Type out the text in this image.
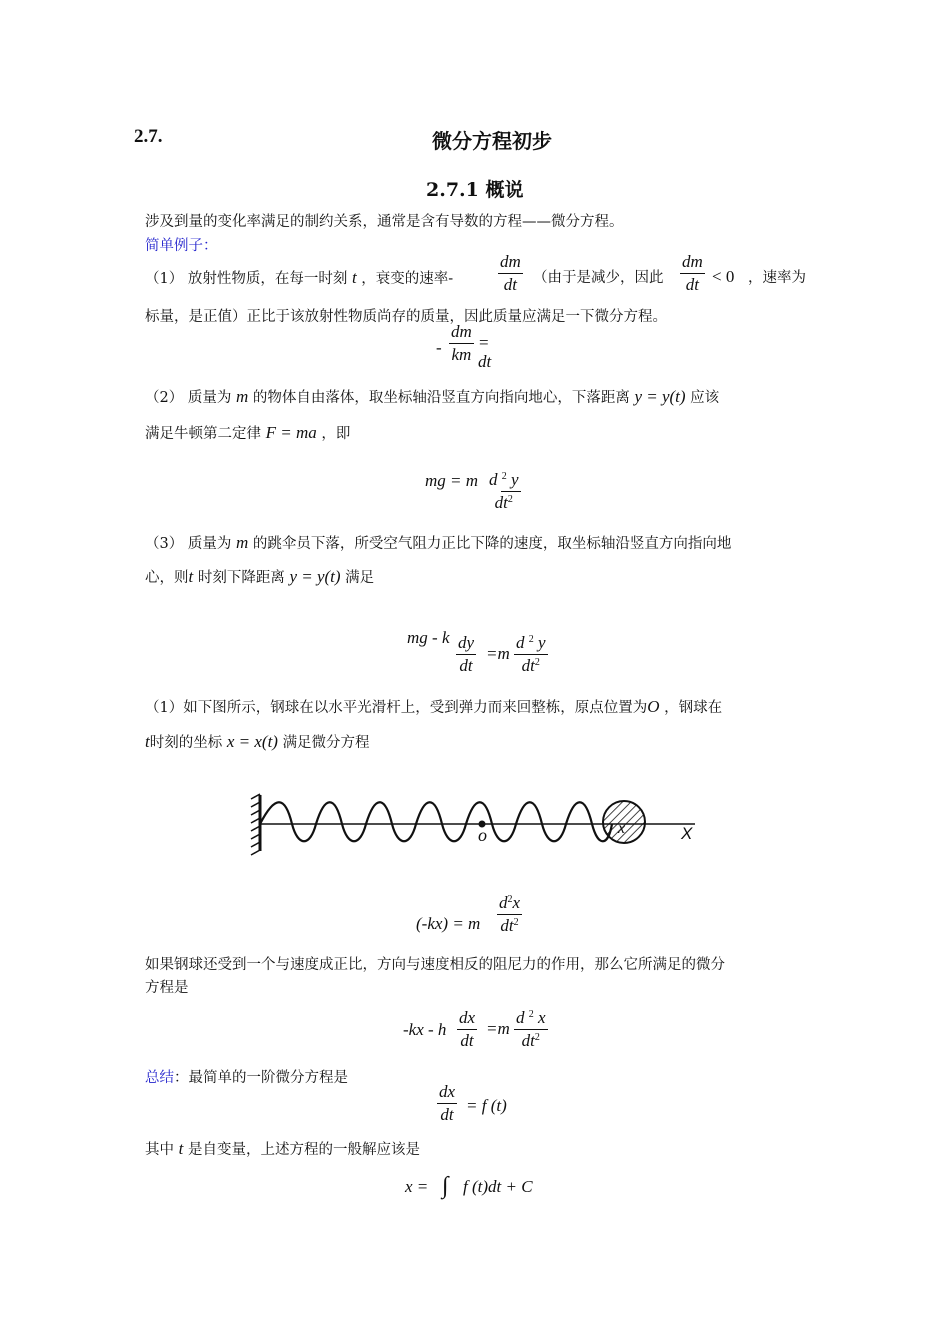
2.7.	微分方程初步
2.7.1 概说
涉及到量的变化率满足的制约关系，通常是含有导数的方程——微分方程。
简单例子：
（1） 放射性物质，在每一时刻 t ，衰变的速率-
dm
dt	（由于是减少，因此
dm
dt < 0 ，速率为
标量，是正值）正比于该放射性物质尚存的质量，因此质量应满足一下微分方程。
-
dm
km
=
dt
（2） 质量为 m 的物体自由落体，取坐标轴沿竖直方向指向地心，下落距离 y = y(t) 应该
满足牛顿第二定律 F = ma ，即
mg = m d $^2$ y
$dt^2$
（3） 质量为 m 的跳伞员下落，所受空气阻力正比下降的速度，取坐标轴沿竖直方向指向地
心，则t 时刻下降距离 y = y(t) 满足
mg - k dy
dt
=m
d $^2$ y
$dt^2$
（1）如下图所示，钢球在以水平光滑杆上，受到弹力而来回整栋，原点位置为O ，钢球在
t时刻的坐标 x = x(t) 满足微分方程
o	x	X
(-kx) = m
$d^2x$
$dt^2$
如果钢球还受到一个与速度成正比，方向与速度相反的阻尼力的作用，那么它所满足的微分
方程是
-kx - h
dx
dt
=m
d $^2$ x
$dt^2$
总结：最简单的一阶微分方程是
dx
dt = f (t)
其中 t 是自变量，上述方程的一般解应该是
x = ∫ f (t)dt + C
